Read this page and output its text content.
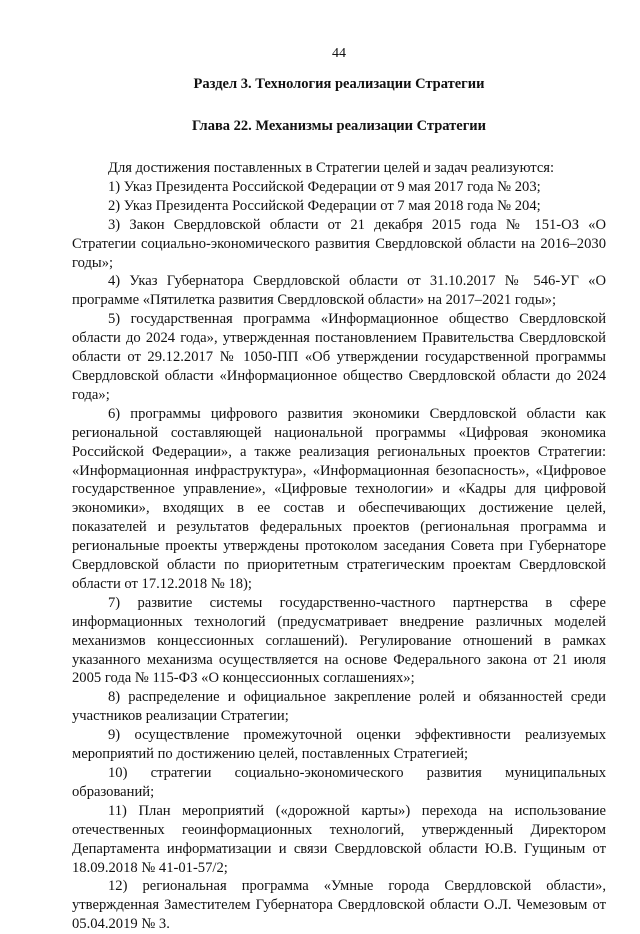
44
Раздел 3. Технология реализации Стратегии
Глава 22. Механизмы реализации Стратегии

Для достижения поставленных в Стратегии целей и задач реализуются:

1) Указ Президента Российской Федерации от 9 мая 2017 года № 203;

2) Указ Президента Российской Федерации от 7 мая 2018 года № 204;

3) Закон Свердловской области от 21 декабря 2015 года № 151-ОЗ «О Стратегии социально-экономического развития Свердловской области на 2016–2030 годы»;

4) Указ Губернатора Свердловской области от 31.10.2017 № 546-УГ «О программе «Пятилетка развития Свердловской области» на 2017–2021 годы»;

5) государственная программа «Информационное общество Свердловской области до 2024 года», утвержденная постановлением Правительства Свердловской области от 29.12.2017 № 1050-ПП «Об утверждении государственной программы Свердловской области «Информационное общество Свердловской области до 2024 года»;

6) программы цифрового развития экономики Свердловской области как региональной составляющей национальной программы «Цифровая экономика Российской Федерации», а также реализация региональных проектов Стратегии: «Информационная инфраструктура», «Информационная безопасность», «Цифровое государственное управление», «Цифровые технологии» и «Кадры для цифровой экономики», входящих в ее состав и обеспечивающих достижение целей, показателей и результатов федеральных проектов (региональная программа и региональные проекты утверждены протоколом заседания Совета при Губернаторе Свердловской области по приоритетным стратегическим проектам Свердловской области от 17.12.2018 № 18);

7) развитие системы государственно-частного партнерства в сфере информационных технологий (предусматривает внедрение различных моделей механизмов концессионных соглашений). Регулирование отношений в рамках указанного механизма осуществляется на основе Федерального закона от 21 июля 2005 года № 115-ФЗ «О концессионных соглашениях»;

8) распределение и официальное закрепление ролей и обязанностей среди участников реализации Стратегии;

9) осуществление промежуточной оценки эффективности реализуемых мероприятий по достижению целей, поставленных Стратегией;

10) стратегии социально-экономического развития муниципальных образований;

11) План мероприятий («дорожной карты») перехода на использование отечественных геоинформационных технологий, утвержденный Директором Департамента информатизации и связи Свердловской области Ю.В. Гущиным от 18.09.2018 № 41-01-57/2;

12) региональная программа «Умные города Свердловской области», утвержденная Заместителем Губернатора Свердловской области О.Л. Чемезовым от 05.04.2019 № 3.
